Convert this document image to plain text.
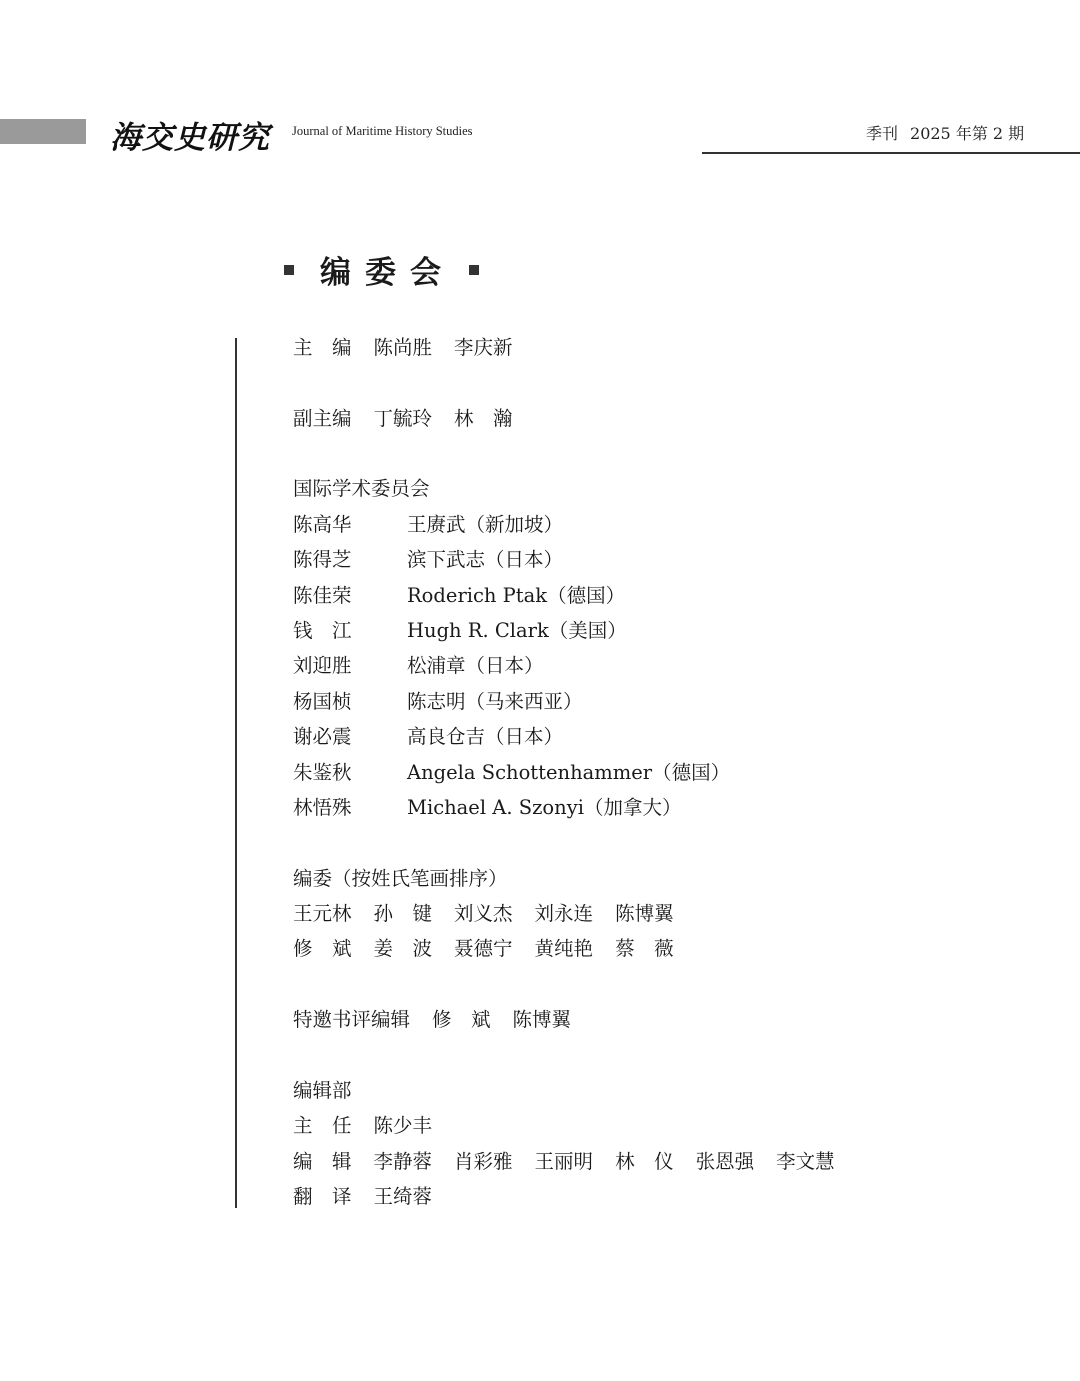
海交史研究 Journal of Maritime History Studies	季刊 2025 年第 2 期
编委会
主　编 陈尚胜 李庆新
副主编 丁毓玲 林　瀚
国际学术委员会
陈高华	王赓武（新加坡）
陈得芝	滨下武志（日本）
陈佳荣	Roderich Ptak（德国）
钱　江	Hugh R. Clark（美国）
刘迎胜	松浦章（日本）
杨国桢	陈志明（马来西亚）
谢必震	高良仓吉（日本）
朱鉴秋	Angela Schottenhammer（德国）
林悟殊	Michael A. Szonyi（加拿大）
编委（按姓氏笔画排序）
王元林 孙　键 刘义杰 刘永连 陈博翼
修　斌 姜　波 聂德宁 黄纯艳 蔡　薇
特邀书评编辑 修　斌 陈博翼
编辑部
主　任 陈少丰
编　辑 李静蓉 肖彩雅 王丽明 林　仪 张恩强 李文慧
翻　译 王绮蓉
